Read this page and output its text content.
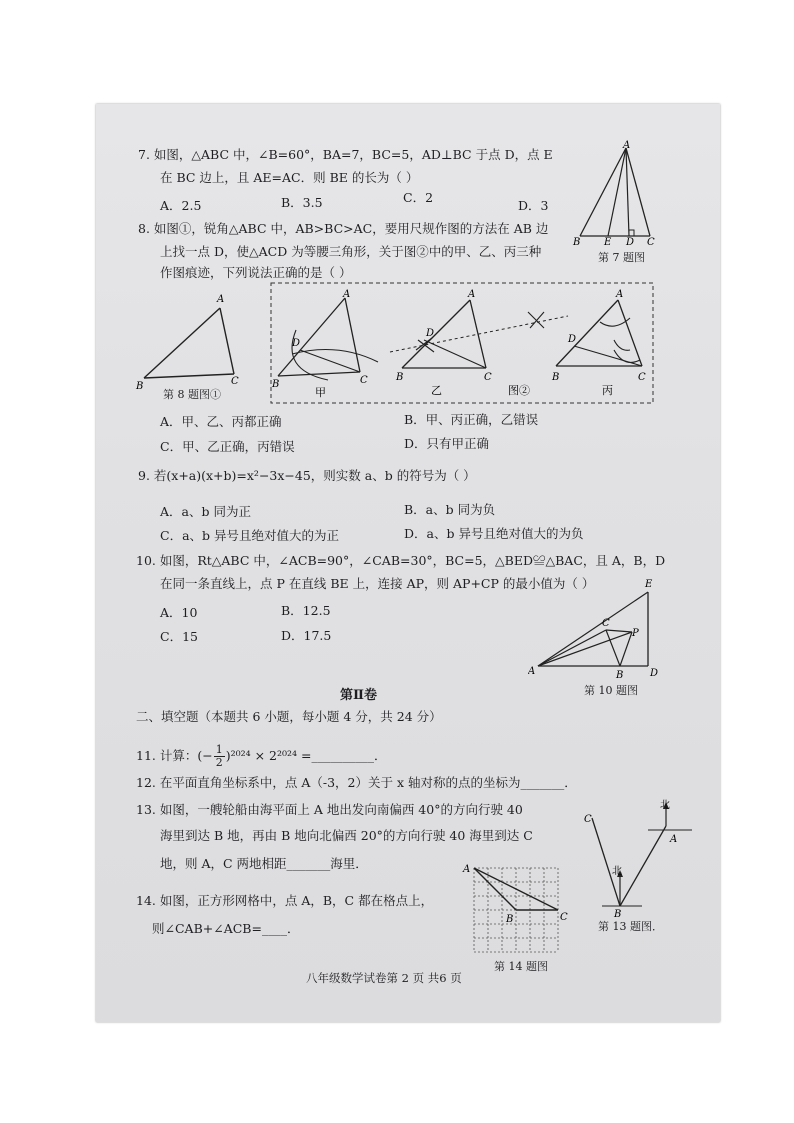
7. 如图，△ABC 中，∠B=60°，BA=7，BC=5，AD⊥BC 于点 D，点 E
在 BC 边上，且 AE=AC．则 BE 的长为（ ）
A．2.5	B．3.5	C．2
D．3
A
B E D C
第 7 题图
8. 如图①，锐角△ABC 中，AB>BC>AC，要用尺规作图的方法在 AB 边
上找一点 D，使△ACD 为等腰三角形，关于图②中的甲、乙、丙三种
作图痕迹，下列说法正确的是（ ）
A
B	C
第 8 题图①
A
D
B	C
甲
A
D
B	C
乙	图②
A
D
B	C
丙
A．甲、乙、丙都正确	B．甲、丙正确，乙错误
C．甲、乙正确，丙错误	D．只有甲正确
9. 若(x+a)(x+b)=x²−3x−45，则实数 a、b 的符号为（ ）
A．a、b 同为正	B．a、b 同为负
C．a、b 异号且绝对值大的为正	D．a、b 异号且绝对值大的为负
10. 如图，Rt△ABC 中，∠ACB=90°，∠CAB=30°，BC=5，△BED≌△BAC，且 A，B，D
在同一条直线上，点 P 在直线 BE 上，连接 AP，则 AP+CP 的最小值为（ ）
A．10	B．12.5
C．15	D．17.5
A
C
P
B	D
E
第 10 题图
第Ⅱ卷
二、填空题（本题共 6 小题，每小题 4 分，共 24 分）
11. 计算：(− $\frac{1}{2} )^{2024} \times 2^{2024}$ =__________．
12. 在平面直角坐标系中，点 A（-3，2）关于 x 轴对称的点的坐标为_______．
13. 如图，一艘轮船由海平面上 A 地出发向南偏西 40°的方向行驶 40
海里到达 B 地，再由 B 地向北偏西 20°的方向行驶 40 海里到达 C
地，则 A，C 两地相距_______海里．
北
A
C
北
B
第 13 题图．
14. 如图，正方形网格中，点 A，B，C 都在格点上，
则∠CAB+∠ACB=____．
A
B	C
第 14 题图
八年级数学试卷第 2 页 共6 页
